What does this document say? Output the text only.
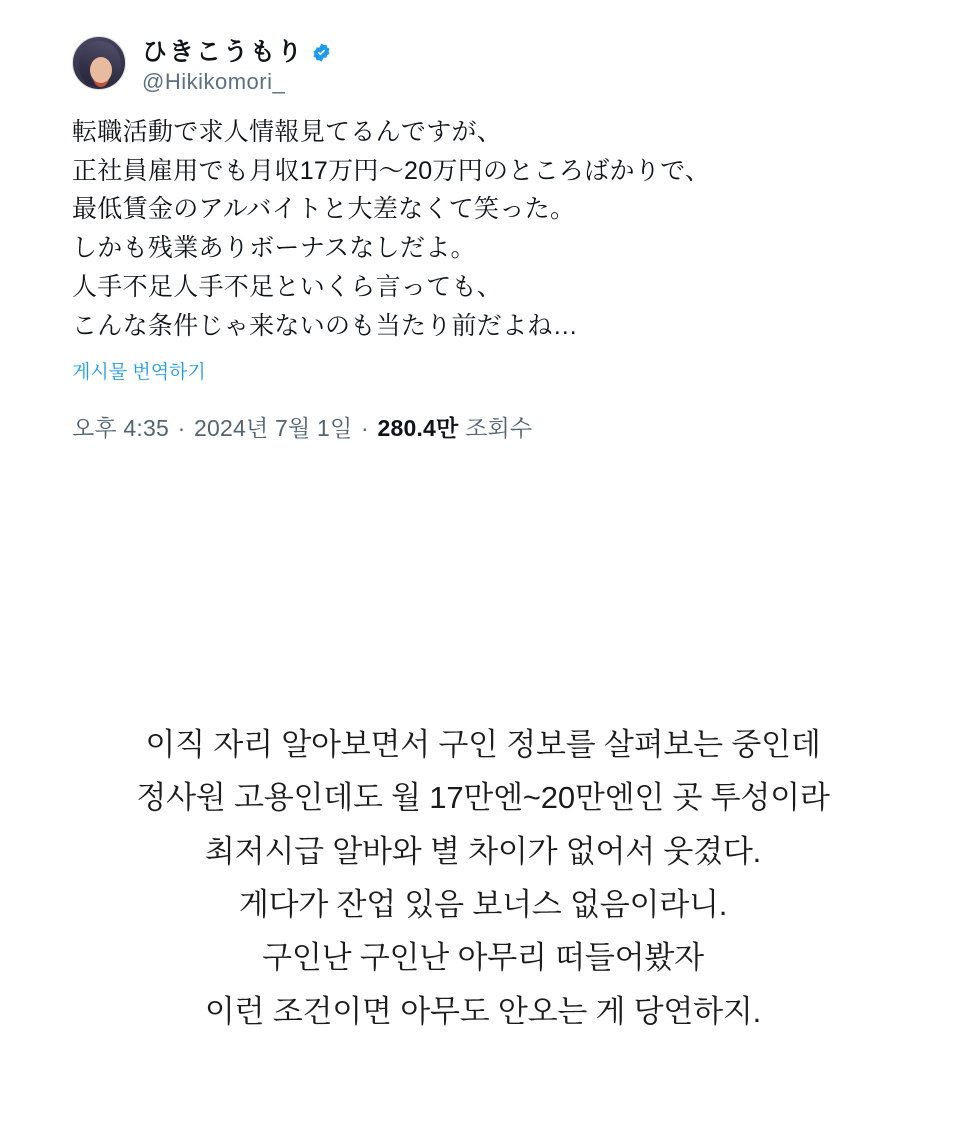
ひきこうもり
@Hikikomori_
転職活動で求人情報見てるんですが、
正社員雇用でも月収17万円〜20万円のところばかりで、
最低賃金のアルバイトと大差なくて笑った。
しかも残業ありボーナスなしだよ。
人手不足人手不足といくら言っても、
こんな条件じゃ来ないのも当たり前だよね…
게시물 번역하기
오후 4:35 · 2024년 7월 1일 · 280.4만 조회수
이직 자리 알아보면서 구인 정보를 살펴보는 중인데
정사원 고용인데도 월 17만엔~20만엔인 곳 투성이라
최저시급 알바와 별 차이가 없어서 웃겼다.
게다가 잔업 있음 보너스 없음이라니.
구인난 구인난 아무리 떠들어봤자
이런 조건이면 아무도 안오는 게 당연하지.
